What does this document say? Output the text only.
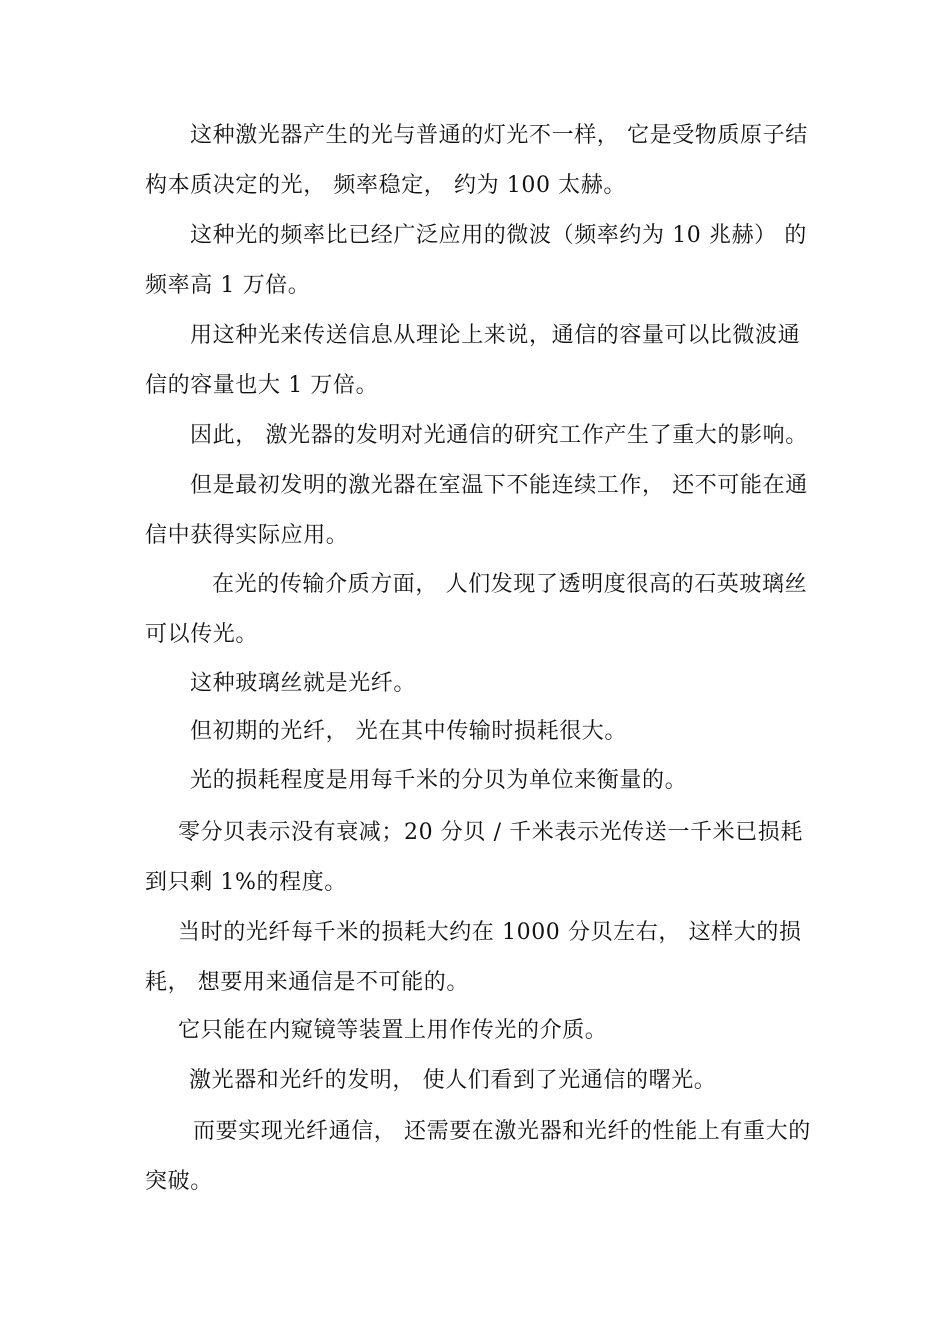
这种激光器产生的光与普通的灯光不一样， 它是受物质原子结构本质决定的光， 频率稳定， 约为 100 太赫。

这种光的频率比已经广泛应用的微波（频率约为 10 兆赫） 的频率高 1 万倍。

用这种光来传送信息从理论上来说，通信的容量可以比微波通信的容量也大 1 万倍。

因此， 激光器的发明对光通信的研究工作产生了重大的影响。

但是最初发明的激光器在室温下不能连续工作， 还不可能在通信中获得实际应用。

在光的传输介质方面， 人们发现了透明度很高的石英玻璃丝可以传光。

这种玻璃丝就是光纤。

但初期的光纤， 光在其中传输时损耗很大。

光的损耗程度是用每千米的分贝为单位来衡量的。

零分贝表示没有衰减；20 分贝 / 千米表示光传送一千米已损耗到只剩 1%的程度。

当时的光纤每千米的损耗大约在 1000 分贝左右， 这样大的损耗， 想要用来通信是不可能的。

它只能在内窥镜等装置上用作传光的介质。

激光器和光纤的发明， 使人们看到了光通信的曙光。

而要实现光纤通信， 还需要在激光器和光纤的性能上有重大的突破。
